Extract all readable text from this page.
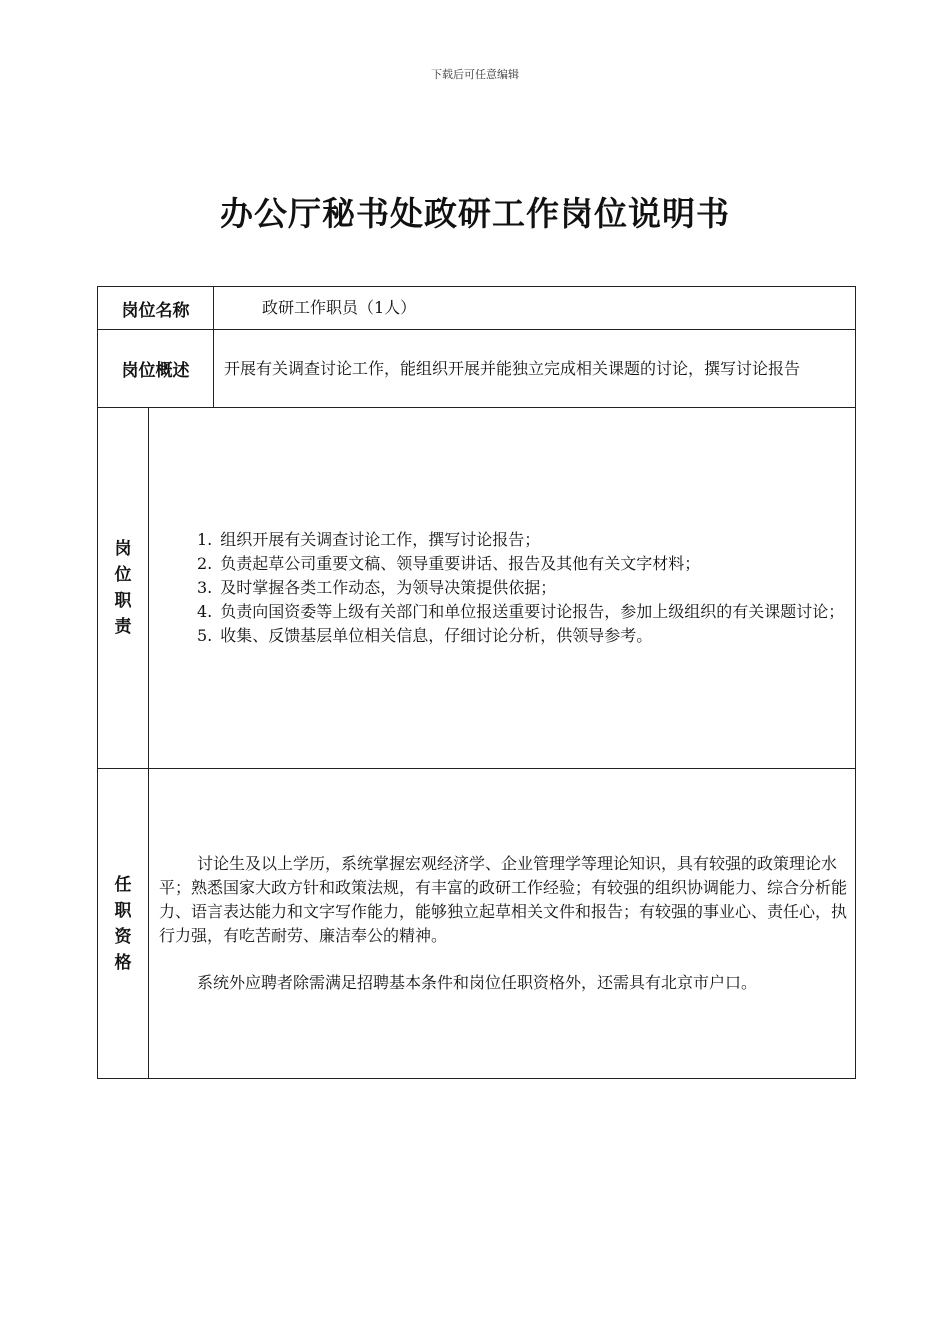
下载后可任意编辑
办公厅秘书处政研工作岗位说明书
岗位名称		政研工作职员（1人）
岗位概述		开展有关调查讨论工作，能组织开展并能独立完成相关课题的讨论，撰写讨论报告

岗位职责	1. 组织开展有关调查讨论工作，撰写讨论报告；
2. 负责起草公司重要文稿、领导重要讲话、报告及其他有关文字材料；
3. 及时掌握各类工作动态，为领导决策提供依据；
4. 负责向国资委等上级有关部门和单位报送重要讨论报告，参加上级组织的有关课题讨论；
5. 收集、反馈基层单位相关信息，仔细讨论分析，供领导参考。	

任职资格	讨论生及以上学历，系统掌握宏观经济学、企业管理学等理论知识，具有较强的政策理论水平；熟悉国家大政方针和政策法规，有丰富的政研工作经验；有较强的组织协调能力、综合分析能力、语言表达能力和文字写作能力，能够独立起草相关文件和报告；有较强的事业心、责任心，执行力强，有吃苦耐劳、廉洁奉公的精神。

系统外应聘者除需满足招聘基本条件和岗位任职资格外，还需具有北京市户口。	
